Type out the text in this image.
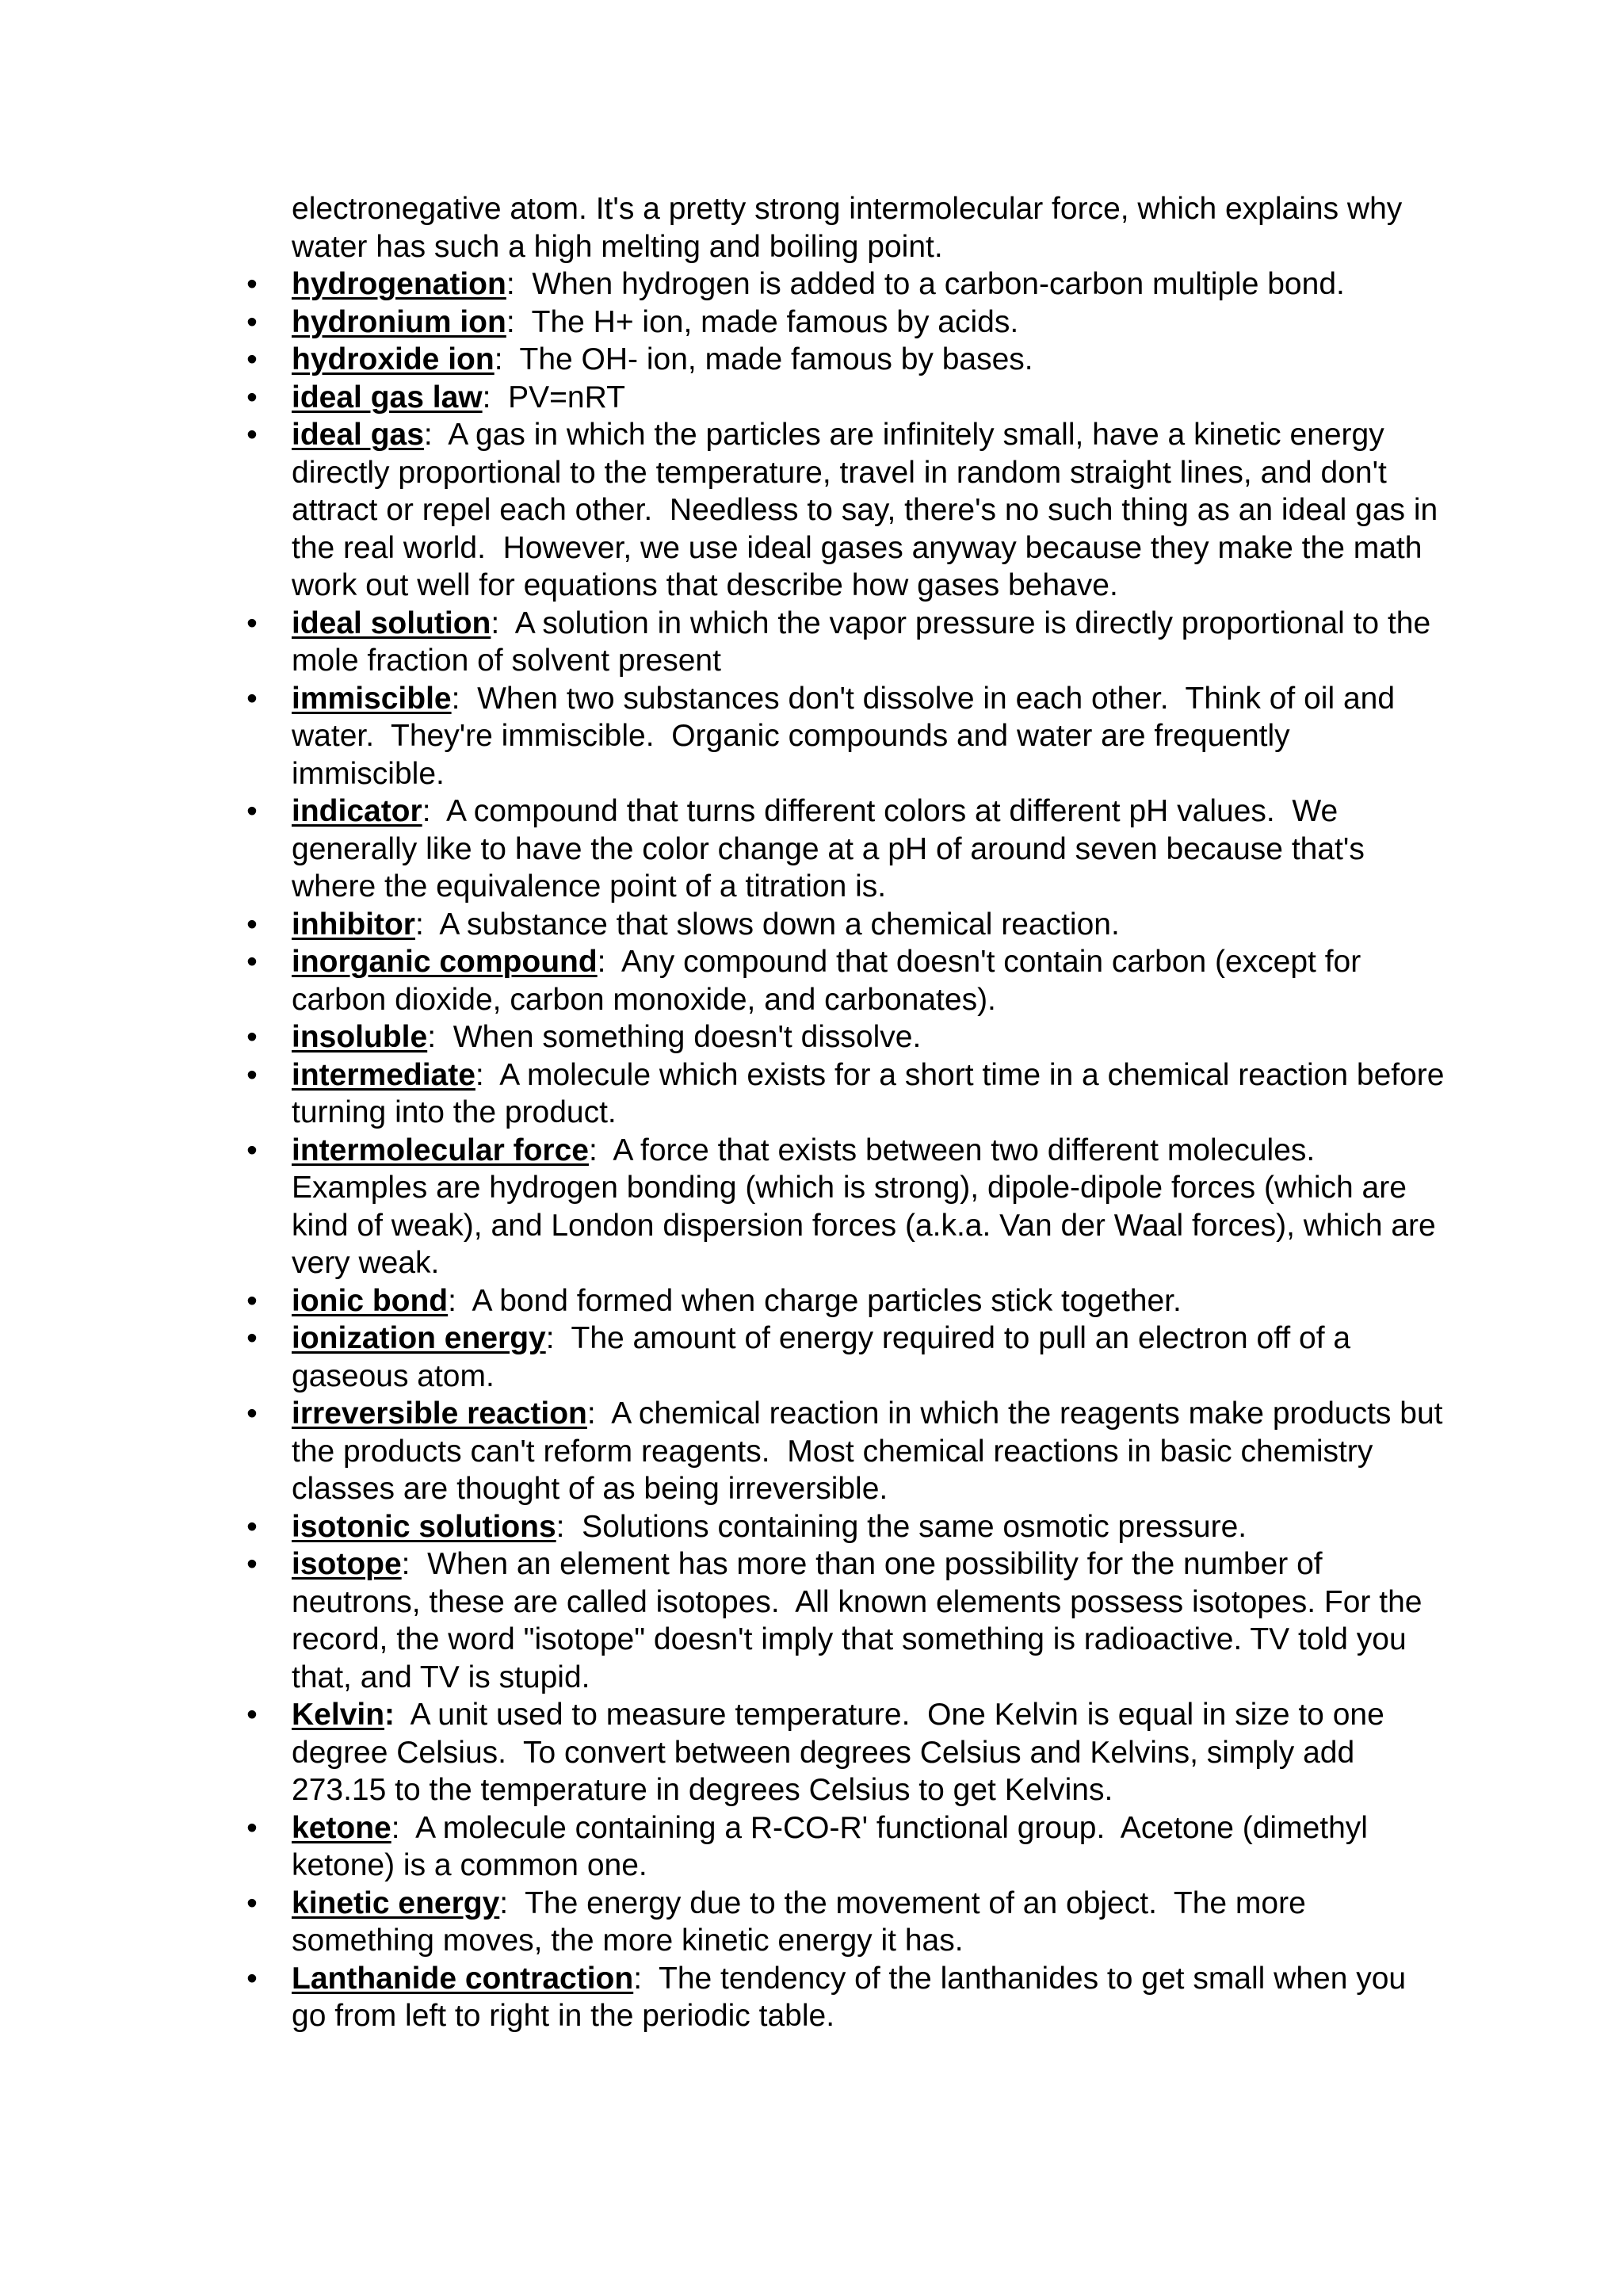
electronegative atom. It's a pretty strong intermolecular force, which explains why water has such a high melting and boiling point.

• hydrogenation:  When hydrogen is added to a carbon-carbon multiple bond.
• hydronium ion:  The H+ ion, made famous by acids.
• hydroxide ion:  The OH- ion, made famous by bases.
• ideal gas law:  PV=nRT
• ideal gas:  A gas in which the particles are infinitely small, have a kinetic energy directly proportional to the temperature, travel in random straight lines, and don't attract or repel each other.  Needless to say, there's no such thing as an ideal gas in the real world.  However, we use ideal gases anyway because they make the math work out well for equations that describe how gases behave.
• ideal solution:  A solution in which the vapor pressure is directly proportional to the mole fraction of solvent present
• immiscible:  When two substances don't dissolve in each other.  Think of oil and water.  They're immiscible.  Organic compounds and water are frequently immiscible.
• indicator:  A compound that turns different colors at different pH values.  We generally like to have the color change at a pH of around seven because that's where the equivalence point of a titration is.
• inhibitor:  A substance that slows down a chemical reaction.
• inorganic compound:  Any compound that doesn't contain carbon (except for carbon dioxide, carbon monoxide, and carbonates).
• insoluble:  When something doesn't dissolve.
• intermediate:  A molecule which exists for a short time in a chemical reaction before turning into the product.
• intermolecular force:  A force that exists between two different molecules. Examples are hydrogen bonding (which is strong), dipole-dipole forces (which are kind of weak), and London dispersion forces (a.k.a. Van der Waal forces), which are very weak.
• ionic bond:  A bond formed when charge particles stick together.
• ionization energy:  The amount of energy required to pull an electron off of a gaseous atom.
• irreversible reaction:  A chemical reaction in which the reagents make products but the products can't reform reagents.  Most chemical reactions in basic chemistry classes are thought of as being irreversible.
• isotonic solutions:  Solutions containing the same osmotic pressure.
• isotope:  When an element has more than one possibility for the number of neutrons, these are called isotopes.  All known elements possess isotopes. For the record, the word "isotope" doesn't imply that something is radioactive. TV told you that, and TV is stupid.
• Kelvin:  A unit used to measure temperature.  One Kelvin is equal in size to one degree Celsius.  To convert between degrees Celsius and Kelvins, simply add 273.15 to the temperature in degrees Celsius to get Kelvins.
• ketone:  A molecule containing a R-CO-R' functional group.  Acetone (dimethyl ketone) is a common one.
• kinetic energy:  The energy due to the movement of an object.  The more something moves, the more kinetic energy it has.
• Lanthanide contraction:  The tendency of the lanthanides to get small when you go from left to right in the periodic table.
